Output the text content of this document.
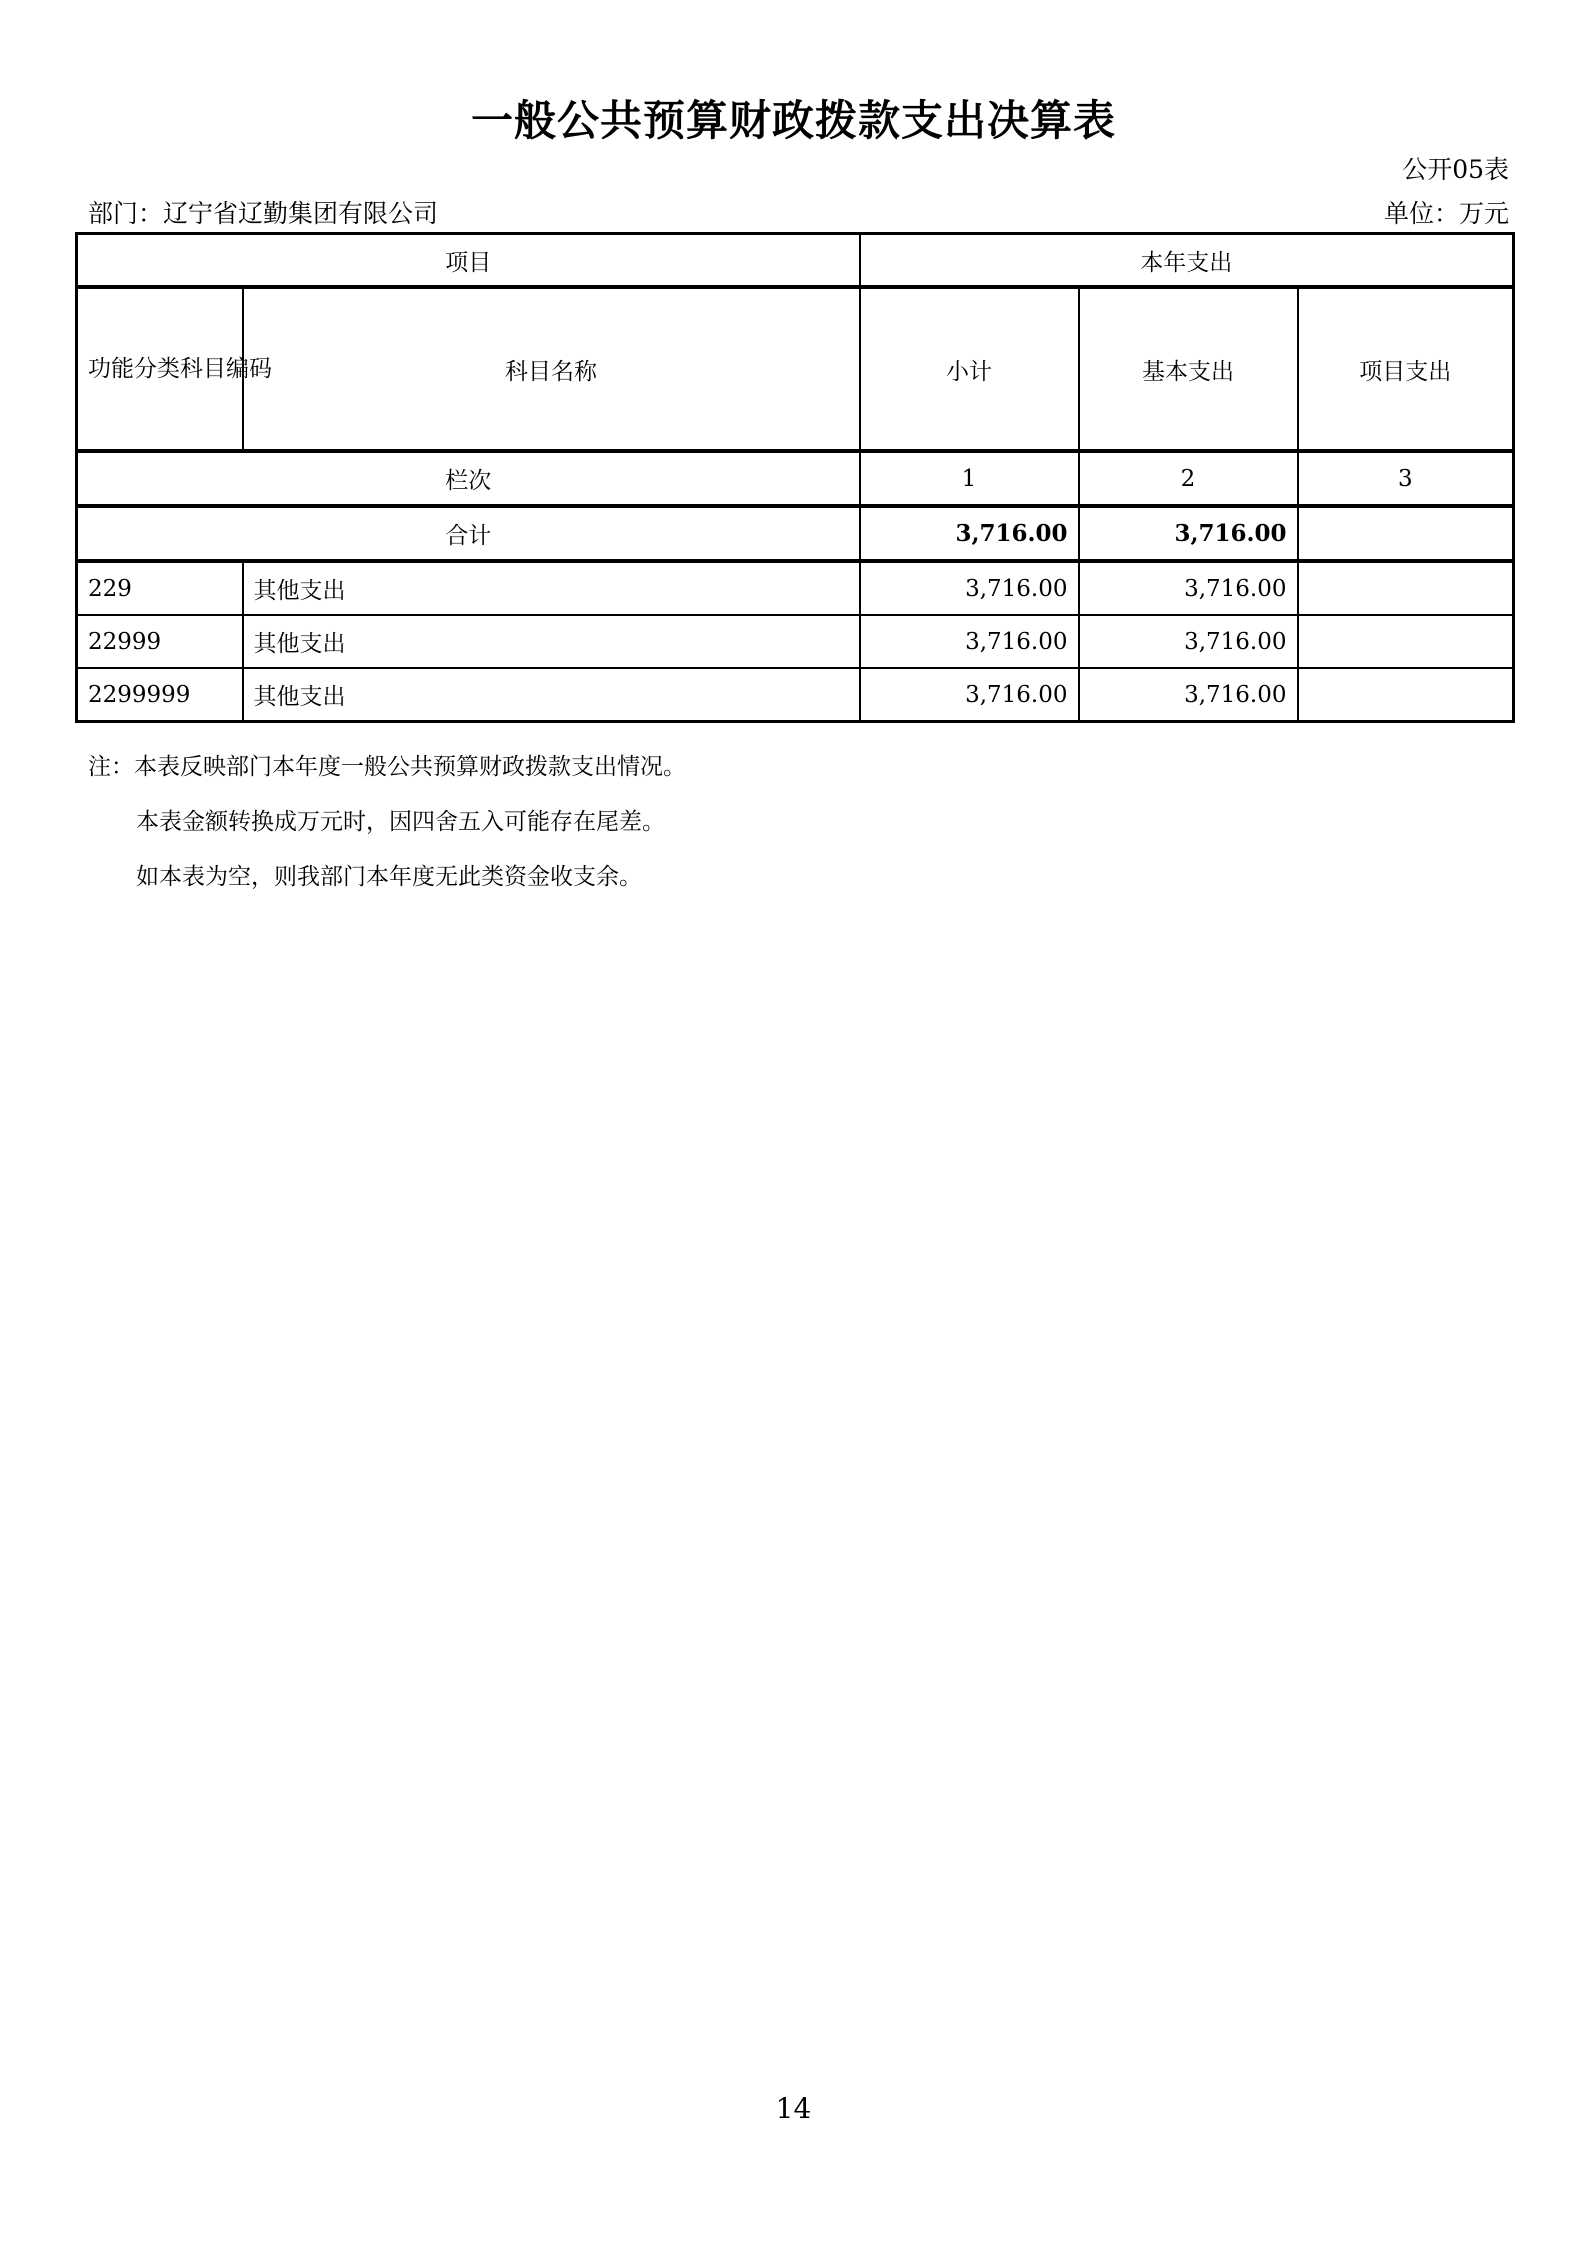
一般公共预算财政拨款支出决算表
公开05表
部门：辽宁省辽勤集团有限公司	单位：万元
项目		本年支出		
功能分类科目编码	科目名称	小计	基本支出	项目支出
栏次		1	2	3
合计		3,716.00	3,716.00	
229	其他支出	3,716.00	3,716.00	
22999	其他支出	3,716.00	3,716.00	
2299999	其他支出	3,716.00	3,716.00	
注：本表反映部门本年度一般公共预算财政拨款支出情况。
本表金额转换成万元时，因四舍五入可能存在尾差。
如本表为空，则我部门本年度无此类资金收支余。
14
